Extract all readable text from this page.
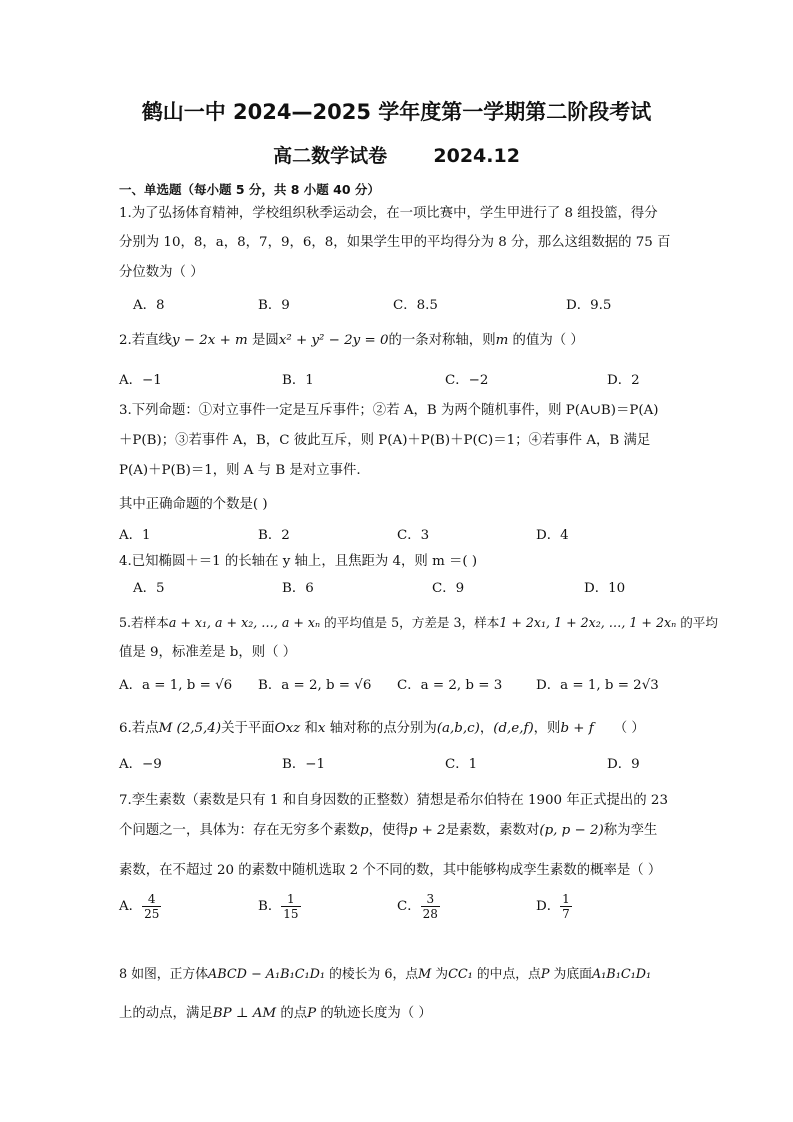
鹤山一中 2024—2025 学年度第一学期第二阶段考试
高二数学试卷       2024.12
一、单选题（每小题 5 分，共 8 小题 40 分）
1.为了弘扬体育精神，学校组织秋季运动会，在一项比赛中，学生甲进行了 8 组投篮，得分
分别为 10，8，a，8，7，9，6，8，如果学生甲的平均得分为 8 分，那么这组数据的 75 百
分位数为（ ）
A．8	B．9	C．8.5	D．9.5
2.若直线y − 2x + m 是圆x² + y² − 2y = 0的一条对称轴，则m 的值为（ ）
A．−1	B．1	C．−2	D．2
3.下列命题：①对立事件一定是互斥事件；②若 A，B 为两个随机事件，则 P(A∪B)＝P(A)
＋P(B)；③若事件 A，B，C 彼此互斥，则 P(A)＋P(B)＋P(C)＝1；④若事件 A，B 满足
P(A)＋P(B)＝1，则 A 与 B 是对立事件.
其中正确命题的个数是( )
A．1	B．2	C．3	D．4
4.已知椭圆＋＝1 的长轴在 y 轴上，且焦距为 4，则 m ＝( )
A．5	B．6	C．9	D．10
5.若样本a + x₁, a + x₂, …, a + xₙ 的平均值是 5，方差是 3，样本1 + 2x₁, 1 + 2x₂, …, 1 + 2xₙ 的平均
值是 9，标准差是 b，则（ ）
A．a = 1, b = √6 B．a = 2, b = √6 C．a = 2, b = 3	D．a = 1, b = 2√3
6.若点M (2,5,4)关于平面Oxz 和x 轴对称的点分别为(a,b,c)，(d,e,f)，则b + f （ ）
A．−9	B．−1	C．1	D．9
7.孪生素数（素数是只有 1 和自身因数的正整数）猜想是希尔伯特在 1900 年正式提出的 23
个问题之一，具体为：存在无穷多个素数p，使得p + 2是素数，素数对(p, p − 2)称为孪生
素数，在不超过 20 的素数中随机选取 2 个不同的数，其中能够构成孪生素数的概率是（ ）
A． $\frac{4}{25}$	B． $\frac{1}{15}$	C． $\frac{3}{28}$	D． $\frac{1}{7}$
8 如图，正方体ABCD − A₁B₁C₁D₁ 的棱长为 6，点M 为CC₁ 的中点，点P 为底面A₁B₁C₁D₁
上的动点，满足BP ⊥ AM 的点P 的轨迹长度为（ ）
